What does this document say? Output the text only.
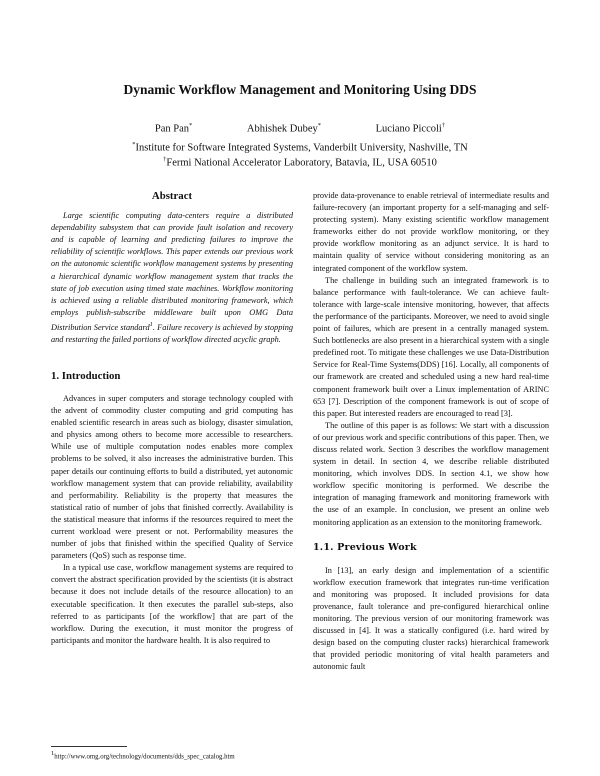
Dynamic Workflow Management and Monitoring Using DDS
Pan Pan*	Abhishek Dubey*	Luciano Piccoli†

*Institute for Software Integrated Systems, Vanderbilt University, Nashville, TN

†Fermi National Accelerator Laboratory, Batavia, IL, USA 60510

Abstract

Large scientific computing data-centers require a distributed dependability subsystem that can provide fault isolation and recovery and is capable of learning and predicting failures to improve the reliability of scientific workflows. This paper extends our previous work on the autonomic scientific workflow management systems by presenting a hierarchical dynamic workflow management system that tracks the state of job execution using timed state machines. Workflow monitoring is achieved using a reliable distributed monitoring framework, which employs publish-subscribe middleware built upon OMG Data Distribution Service standard$^1$. Failure recovery is achieved by stopping and restarting the failed portions of workflow directed acyclic graph.

1. Introduction

Advances in super computers and storage technology coupled with the advent of commodity cluster computing and grid computing has enabled scientific research in areas such as biology, disaster simulation, and physics among others to become more accessible to researchers. While use of multiple computation nodes enables more complex problems to be solved, it also increases the administrative burden. This paper details our continuing efforts to build a distributed, yet autonomic workflow management system that can provide reliability, availability and performability. Reliability is the property that measures the statistical ratio of number of jobs that finished correctly. Availability is the statistical measure that informs if the resources required to meet the current workload were present or not. Performability measures the number of jobs that finished within the specified Quality of Service parameters (QoS) such as response time.

In a typical use case, workflow management systems are required to convert the abstract specification provided by the scientists (it is abstract because it does not include details of the resource allocation) to an executable specification. It then executes the parallel sub-steps, also referred to as participants [of the workflow] that are part of the workflow. During the execution, it must monitor the progress of participants and monitor the hardware health. It is also required to

provide data-provenance to enable retrieval of intermediate results and failure-recovery (an important property for a self-managing and self-protecting system). Many existing scientific workflow management frameworks either do not provide workflow monitoring, or they provide workflow monitoring as an adjunct service. It is hard to maintain quality of service without considering monitoring as an integrated component of the workflow system.

The challenge in building such an integrated framework is to balance performance with fault-tolerance. We can achieve fault-tolerance with large-scale intensive monitoring, however, that affects the performance of the participants. Moreover, we need to avoid single point of failures, which are present in a centrally managed system. Such bottlenecks are also present in a hierarchical system with a single predefined root. To mitigate these challenges we use Data-Distribution Service for Real-Time Systems(DDS) [16]. Locally, all components of our framework are created and scheduled using a new hard real-time component framework built over a Linux implementation of ARINC 653 [7]. Description of the component framework is out of scope of this paper. But interested readers are encouraged to read [3].

The outline of this paper is as follows: We start with a discussion of our previous work and specific contributions of this paper. Then, we discuss related work. Section 3 describes the workflow management system in detail. In section 4, we describe reliable distributed monitoring, which involves DDS. In section 4.1, we show how workflow specific monitoring is performed. We describe the integration of managing framework and monitoring framework with the use of an example. In conclusion, we present an online web monitoring application as an extension to the monitoring framework.

1.1. Previous Work

In [13], an early design and implementation of a scientific workflow execution framework that integrates run-time verification and monitoring was proposed. It included provisions for data provenance, fault tolerance and pre-configured hierarchical online monitoring. The previous version of our monitoring framework was discussed in [4]. It was a statically configured (i.e. hard wired by design based on the computing cluster racks) hierarchical framework that provided periodic monitoring of vital health parameters and autonomic fault

$^1$http://www.omg.org/technology/documents/dds_spec_catalog.htm
